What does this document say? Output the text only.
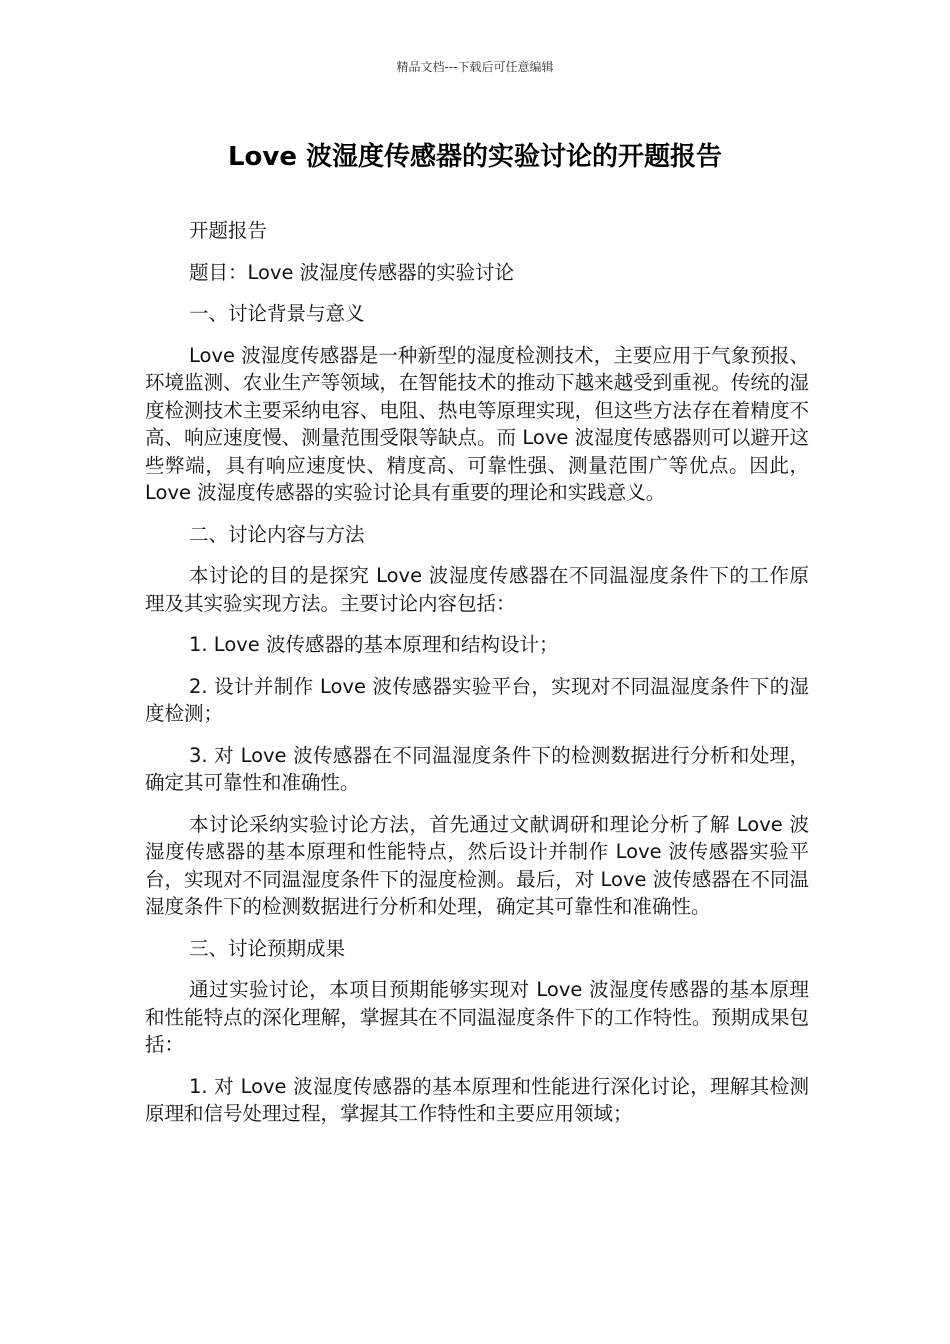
精品文档---下载后可任意编辑
Love 波湿度传感器的实验讨论的开题报告

开题报告

题目：Love 波湿度传感器的实验讨论

一、讨论背景与意义

Love 波湿度传感器是一种新型的湿度检测技术，主要应用于气象预报、环境监测、农业生产等领域，在智能技术的推动下越来越受到重视。传统的湿度检测技术主要采纳电容、电阻、热电等原理实现，但这些方法存在着精度不高、响应速度慢、测量范围受限等缺点。而 Love 波湿度传感器则可以避开这些弊端，具有响应速度快、精度高、可靠性强、测量范围广等优点。因此，Love 波湿度传感器的实验讨论具有重要的理论和实践意义。

二、讨论内容与方法

本讨论的目的是探究 Love 波湿度传感器在不同温湿度条件下的工作原理及其实验实现方法。主要讨论内容包括：

1. Love 波传感器的基本原理和结构设计；

2. 设计并制作 Love 波传感器实验平台，实现对不同温湿度条件下的湿度检测；

3. 对 Love 波传感器在不同温湿度条件下的检测数据进行分析和处理，确定其可靠性和准确性。

本讨论采纳实验讨论方法，首先通过文献调研和理论分析了解 Love 波湿度传感器的基本原理和性能特点，然后设计并制作 Love 波传感器实验平台，实现对不同温湿度条件下的湿度检测。最后，对 Love 波传感器在不同温湿度条件下的检测数据进行分析和处理，确定其可靠性和准确性。

三、讨论预期成果

通过实验讨论，本项目预期能够实现对 Love 波湿度传感器的基本原理和性能特点的深化理解，掌握其在不同温湿度条件下的工作特性。预期成果包括：

1. 对 Love 波湿度传感器的基本原理和性能进行深化讨论，理解其检测原理和信号处理过程，掌握其工作特性和主要应用领域；
